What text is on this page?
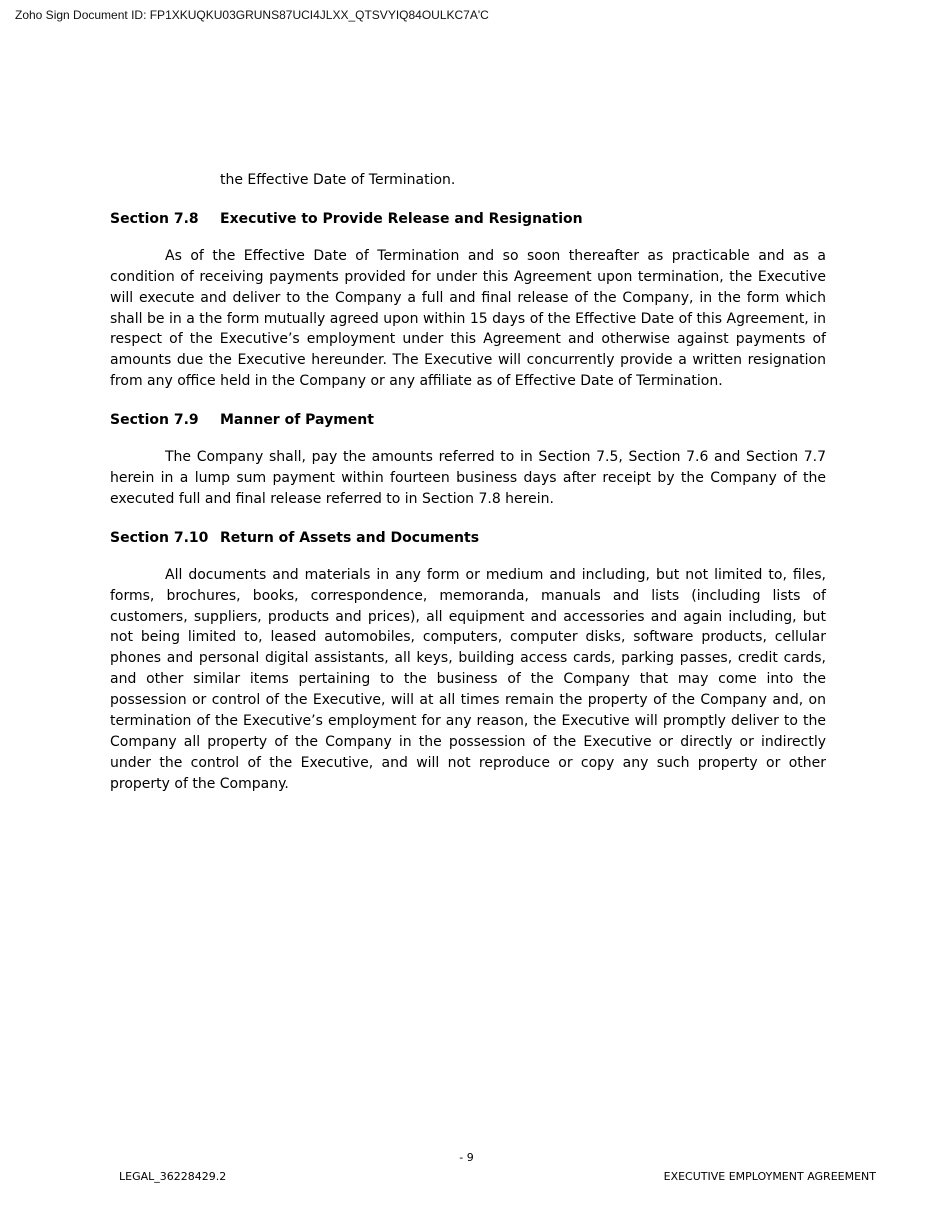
Zoho Sign Document ID: FP1XKUQKU03GRUNS87UCI4JLXX_QTSVYIQ84OULKC7A'C

the Effective Date of Termination.

Section 7.8	Executive to Provide Release and Resignation

As of the Effective Date of Termination and so soon thereafter as practicable and as a condition of receiving payments provided for under this Agreement upon termination, the Executive will execute and deliver to the Company a full and final release of the Company, in the form which shall be in a the form mutually agreed upon within 15 days of the Effective Date of this Agreement, in respect of the Executive’s employment under this Agreement and otherwise against payments of amounts due the Executive hereunder. The Executive will concurrently provide a written resignation from any office held in the Company or any affiliate as of Effective Date of Termination.

Section 7.9	Manner of Payment

The Company shall, pay the amounts referred to in Section 7.5, Section 7.6 and Section 7.7 herein in a lump sum payment within fourteen business days after receipt by the Company of the executed full and final release referred to in Section 7.8 herein.

Section 7.10 Return of Assets and Documents

All documents and materials in any form or medium and including, but not limited to, files, forms, brochures, books, correspondence, memoranda, manuals and lists (including lists of customers, suppliers, products and prices), all equipment and accessories and again including, but not being limited to, leased automobiles, computers, computer disks, software products, cellular phones and personal digital assistants, all keys, building access cards, parking passes, credit cards, and other similar items pertaining to the business of the Company that may come into the possession or control of the Executive, will at all times remain the property of the Company and, on termination of the Executive’s employment for any reason, the Executive will promptly deliver to the Company all property of the Company in the possession of the Executive or directly or indirectly under the control of the Executive, and will not reproduce or copy any such property or other property of the Company.

- 9
LEGAL_36228429.2	EXECUTIVE EMPLOYMENT AGREEMENT
